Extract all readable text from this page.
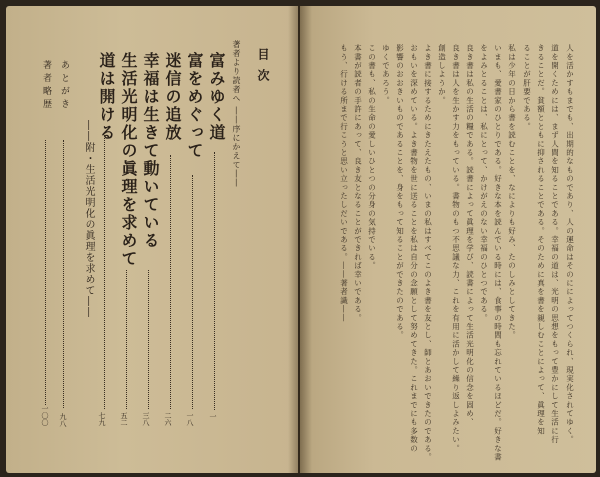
目次
著者より読者へ ――序にかえて――
富みゆく道
一
富をめぐって
一八
迷信の追放
二六
幸福は生きて動いている
三八
生活光明化の眞理を求めて
五二
道は開ける
七九
――附・生活光明化の眞理を求めて――
あとがき
九八
著者略歴
一〇〇	人を活かすもまでも、出期的なものであり、人の運命はそのにによってつくられ、現実化されてゆく。
道を開くためには、まず人間を知ることである。幸福の道は、光明の思想をもって豊かにして生活に行
きることだ。貧額とともに抑されることである。そのために真を書を親しむことによって、眞理を知
ることが肝要である。
私は少年の日から書を読むことを、なによりも好み、たのしみとしてきた。
いまも、愛書家のひとりである。好きな本を読んでいる時には、食事の時間も忘れているほどだ。好きな書
をよみとることは、私にとって、かけがえのない幸福のひとつである。
良き書は私の生活の糧である。読書によって眞理を学び、読書によって生活光明化の信念を固め、
良き書は人を生かす力をもっている。書物のもつ不思議な力、これを有用に活かして繰り返しよみたい。
創造しようか。
よき書に接するためにきたえたもの、いまの私はすべてこのよき書を友とし、師とあおいできたのである。
おもいを深めている。よき書物を世に送ることを私は自分の念願として努めてきた。これまでにも多数の
影響のおおきいものであることを、身をもって知ることができたのである。
ゆくであろう。
この書も、私の生命の愛しいひとつの分身の気持でいる。
本書が読者の手許にあって、良き友となることができれば幸いである。
もう、行ける所まで行こうと思い立ったしだいである。――著者識――
